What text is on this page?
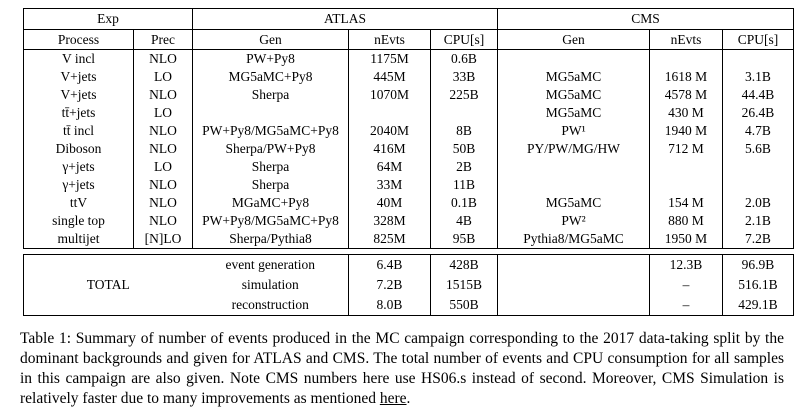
Exp		ATLAS			CMS		
Process	Prec	Gen	nEvts	CPU[s]	Gen	nEvts	CPU[s]
V incl	NLO	PW+Py8	1175M	0.6B			
V+jets	LO	MG5aMC+Py8	445M	33B	MG5aMC	1618 M	3.1B
V+jets	NLO	Sherpa	1070M	225B	MG5aMC	4578 M	44.4B
tt̄+jets	LO				MG5aMC	430 M	26.4B
tt̄ incl	NLO	PW+Py8/MG5aMC+Py8	2040M	8B	PW¹	1940 M	4.7B
Diboson	NLO	Sherpa/PW+Py8	416M	50B	PY/PW/MG/HW	712 M	5.6B
γ+jets	LO	Sherpa	64M	2B			
γ+jets	NLO	Sherpa	33M	11B			
ttV	NLO	MGaMC+Py8	40M	0.1B	MG5aMC	154 M	2.0B
single top	NLO	PW+Py8/MG5aMC+Py8	328M	4B	PW²	880 M	2.1B
multijet	[N]LO	Sherpa/Pythia8	825M	95B	Pythia8/MG5aMC	1950 M	7.2B
TOTAL	event generation	6.4B	428B		12.3B	96.9B
	simulation	7.2B	1515B		–	516.1B
	reconstruction	8.0B	550B		–	429.1B
Table 1: Summary of number of events produced in the MC campaign corresponding to the 2017 data-taking split by the dominant backgrounds and given for ATLAS and CMS. The total number of events and CPU consumption for all samples in this campaign are also given. Note CMS numbers here use HS06.s instead of second. Moreover, CMS Simulation is relatively faster due to many improvements as mentioned here.
